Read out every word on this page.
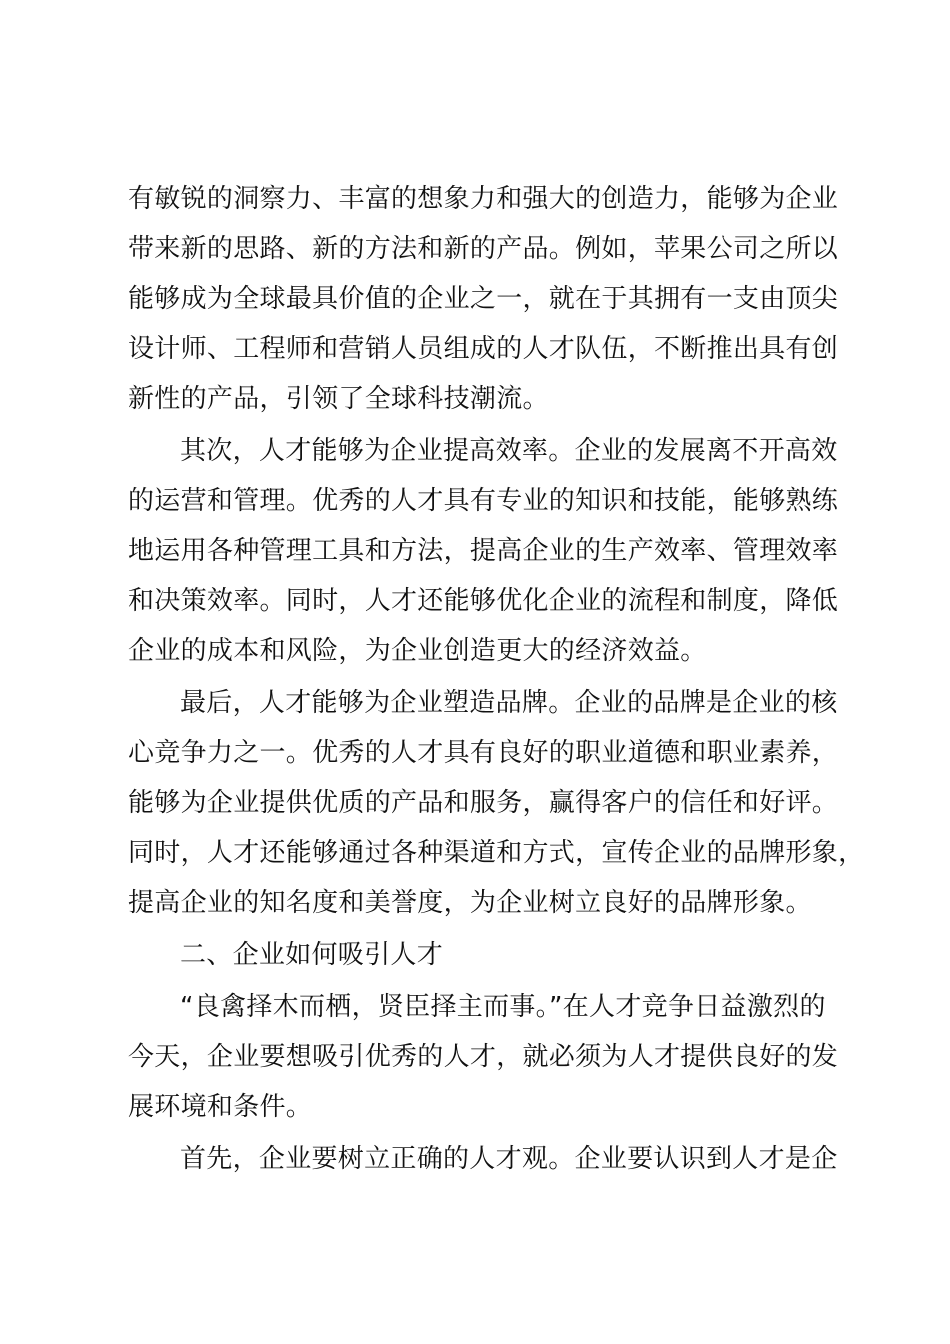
有敏锐的洞察力、丰富的想象力和强大的创造力，能够为企业
带来新的思路、新的方法和新的产品。例如，苹果公司之所以
能够成为全球最具价值的企业之一，就在于其拥有一支由顶尖
设计师、工程师和营销人员组成的人才队伍，不断推出具有创
新性的产品，引领了全球科技潮流。
其次，人才能够为企业提高效率。企业的发展离不开高效
的运营和管理。优秀的人才具有专业的知识和技能，能够熟练
地运用各种管理工具和方法，提高企业的生产效率、管理效率
和决策效率。同时，人才还能够优化企业的流程和制度，降低
企业的成本和风险，为企业创造更大的经济效益。
最后，人才能够为企业塑造品牌。企业的品牌是企业的核
心竞争力之一。优秀的人才具有良好的职业道德和职业素养，
能够为企业提供优质的产品和服务，赢得客户的信任和好评。
同时，人才还能够通过各种渠道和方式，宣传企业的品牌形象，
提高企业的知名度和美誉度，为企业树立良好的品牌形象。
二、企业如何吸引人才
“良禽择木而栖，贤臣择主而事。”在人才竞争日益激烈的
今天，企业要想吸引优秀的人才，就必须为人才提供良好的发
展环境和条件。
首先，企业要树立正确的人才观。企业要认识到人才是企
